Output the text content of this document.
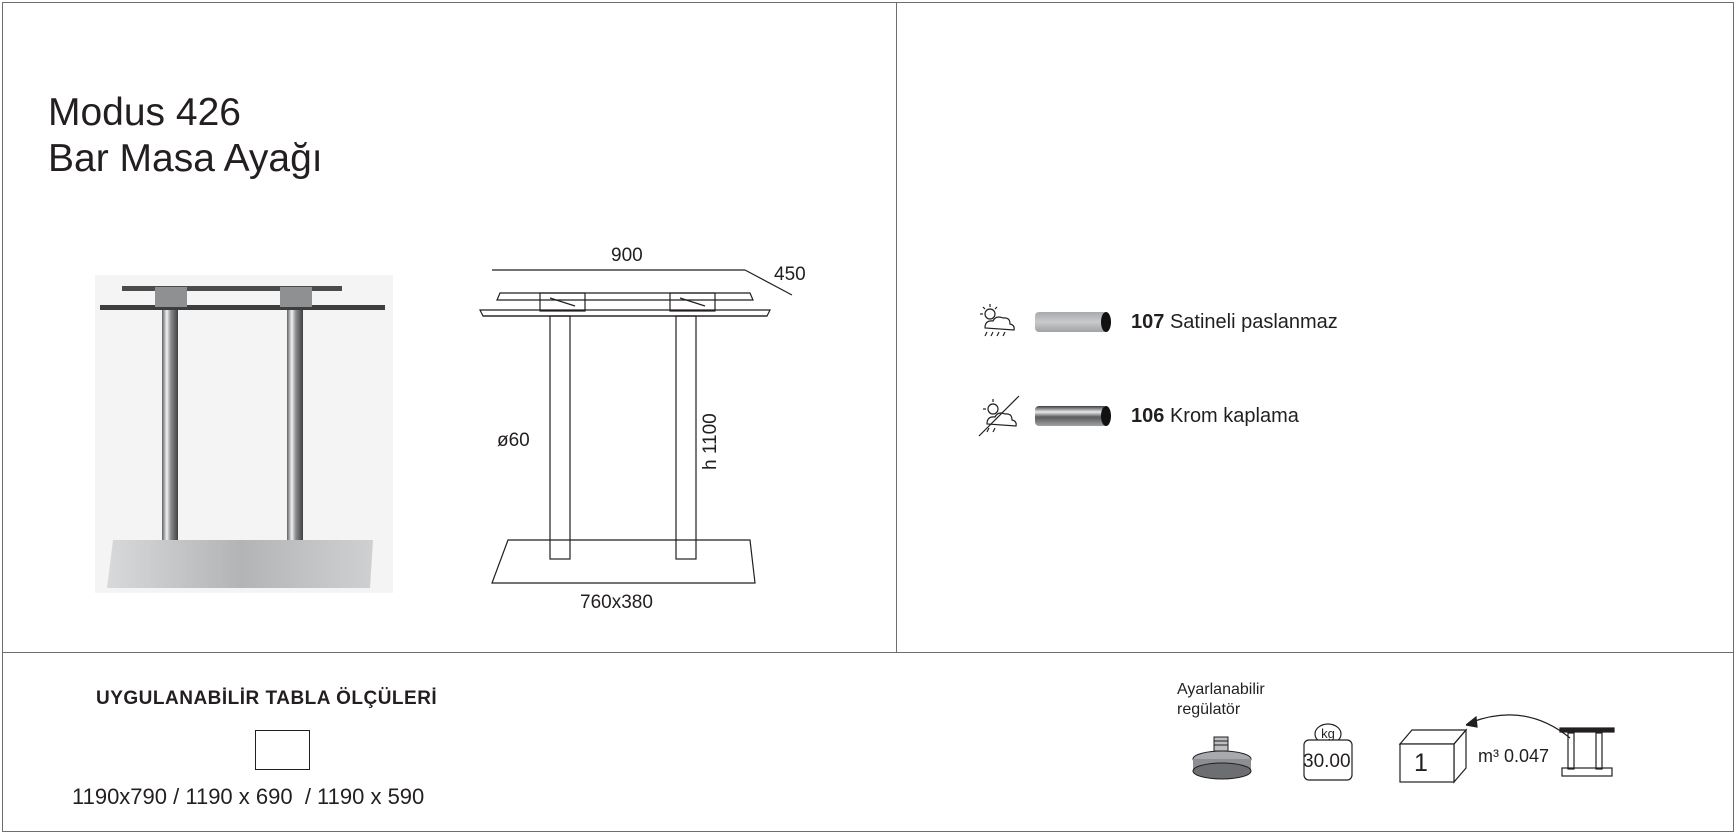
Modus 426
Bar Masa Ayağı
900
450
ø60	h 1100
760x380
107 Satineli paslanmaz
106 Krom kaplama
UYGULANABİLİR TABLA ÖLÇÜLERİ
1190x790 / 1190 x 690  / 1190 x 590
Ayarlanabilir
regülatör
kg
30.00	1	m³ 0.047
